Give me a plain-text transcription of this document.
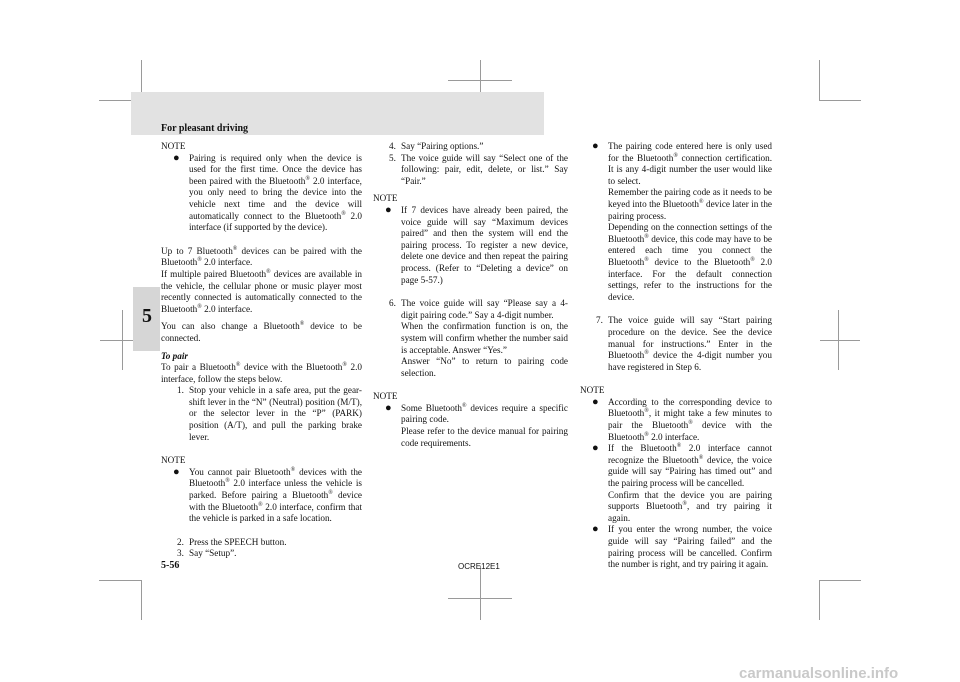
For pleasant driving
5

NOTE

● Pairing is required only when the device is used for the first time. Once the device has been paired with the Bluetooth® 2.0 interface, you only need to bring the device into the vehicle next time and the device will automatically connect to the Bluetooth® 2.0 interface (if supported by the device).

Up to 7 Bluetooth® devices can be paired with the Bluetooth® 2.0 interface.

If multiple paired Bluetooth® devices are available in the vehicle, the cellular phone or music player most recently connected is automatically connected to the Bluetooth® 2.0 interface.

You can also change a Bluetooth® device to be connected.

To pair

To pair a Bluetooth® device with the Bluetooth® 2.0 interface, follow the steps below.

1. Stop your vehicle in a safe area, put the gear-shift lever in the “N” (Neutral) position (M/T), or the selector lever in the “P” (PARK) position (A/T), and pull the parking brake lever.

NOTE

● You cannot pair Bluetooth® devices with the Bluetooth® 2.0 interface unless the vehicle is parked. Before pairing a Bluetooth® device with the Bluetooth® 2.0 interface, confirm that the vehicle is parked in a safe location.
2. Press the SPEECH button.
3. Say “Setup”.
4. Say “Pairing options.”
5. The voice guide will say “Select one of the following: pair, edit, delete, or list.” Say “Pair.”

NOTE

● If 7 devices have already been paired, the voice guide will say “Maximum devices paired” and then the system will end the pairing process. To register a new device, delete one device and then repeat the pairing process. (Refer to “Deleting a device” on page 5-57.)
6. The voice guide will say “Please say a 4-digit pairing code.” Say a 4-digit number.
When the confirmation function is on, the system will confirm whether the number said is acceptable. Answer “Yes.”
Answer “No” to return to pairing code selection.

NOTE

● Some Bluetooth® devices require a specific pairing code.
Please refer to the device manual for pairing code requirements.
● The pairing code entered here is only used for the Bluetooth® connection certification. It is any 4-digit number the user would like to select.
Remember the pairing code as it needs to be keyed into the Bluetooth® device later in the pairing process.
Depending on the connection settings of the Bluetooth® device, this code may have to be entered each time you connect the Bluetooth® device to the Bluetooth® 2.0 interface. For the default connection settings, refer to the instructions for the device.
7. The voice guide will say “Start pairing procedure on the device. See the device manual for instructions.” Enter in the Bluetooth® device the 4-digit number you have registered in Step 6.

NOTE

● According to the corresponding device to Bluetooth®, it might take a few minutes to pair the Bluetooth® device with the Bluetooth® 2.0 interface.
● If the Bluetooth® 2.0 interface cannot recognize the Bluetooth® device, the voice guide will say “Pairing has timed out” and the pairing process will be cancelled.
Confirm that the device you are pairing supports Bluetooth®, and try pairing it again.
● If you enter the wrong number, the voice guide will say “Pairing failed” and the pairing process will be cancelled. Confirm the number is right, and try pairing it again.
5-56	OCRE12E1
carmanualsonline.info
